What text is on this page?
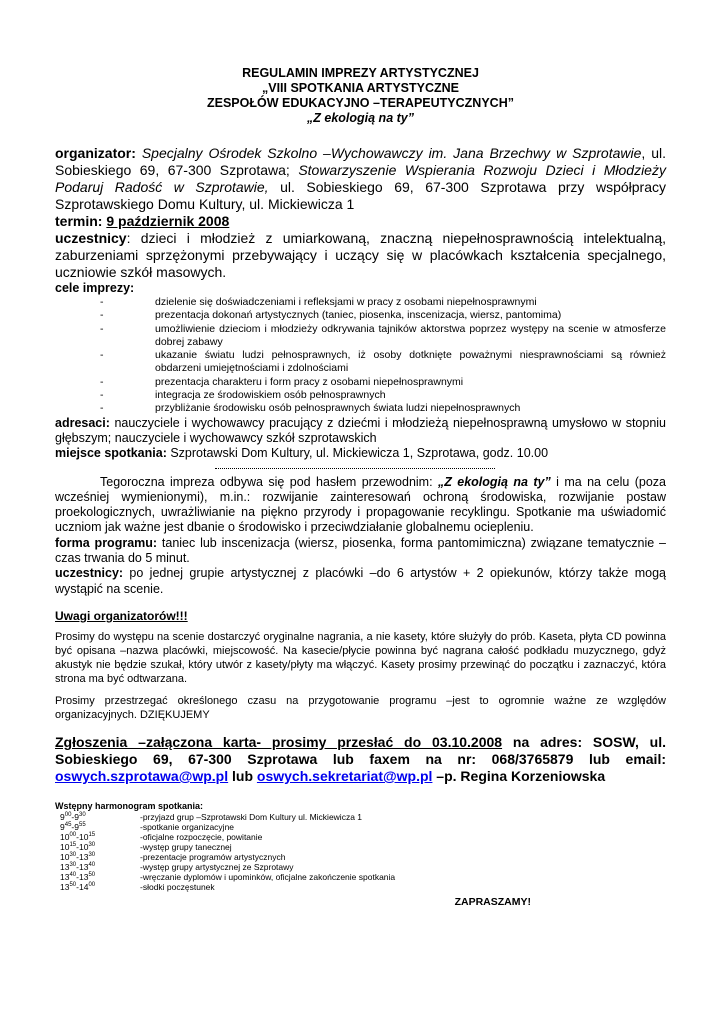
REGULAMIN IMPREZY ARTYSTYCZNEJ
„VIII SPOTKANIA ARTYSTYCZNE
ZESPOŁÓW EDUKACYJNO –TERAPEUTYCZNYCH”
„Z ekologią na ty”
organizator: Specjalny Ośrodek Szkolno –Wychowawczy im. Jana Brzechwy w Szprotawie, ul. Sobieskiego 69, 67-300 Szprotawa; Stowarzyszenie Wspierania Rozwoju Dzieci i Młodzieży Podaruj Radość w Szprotawie, ul. Sobieskiego 69, 67-300 Szprotawa przy współpracy Szprotawskiego Domu Kultury, ul. Mickiewicza 1
termin: 9 październik 2008
uczestnicy: dzieci i młodzież z umiarkowaną, znaczną niepełnosprawnością intelektualną, zaburzeniami sprzężonymi przebywający i uczący się w placówkach kształcenia specjalnego, uczniowie szkół masowych.
cele imprezy:
-	dzielenie się doświadczeniami i refleksjami w pracy z osobami niepełnosprawnymi
-	prezentacja dokonań artystycznych (taniec, piosenka, inscenizacja, wiersz, pantomima)
-	umożliwienie dzieciom i młodzieży odkrywania tajników aktorstwa poprzez występy na scenie w atmosferze dobrej zabawy
-	ukazanie światu ludzi pełnosprawnych, iż osoby dotknięte poważnymi niesprawnościami są również obdarzeni umiejętnościami i zdolnościami
-	prezentacja charakteru i form pracy z osobami niepełnosprawnymi
-	integracja ze środowiskiem osób pełnosprawnych
-	przybliżanie środowisku osób pełnosprawnych świata ludzi niepełnosprawnych
adresaci: nauczyciele i wychowawcy pracujący z dziećmi i młodzieżą niepełnosprawną umysłowo w stopniu głębszym; nauczyciele i wychowawcy szkół szprotawskich
miejsce spotkania: Szprotawski Dom Kultury, ul. Mickiewicza 1, Szprotawa, godz. 10.00
Tegoroczna impreza odbywa się pod hasłem przewodnim: „Z ekologią na ty” i ma na celu (poza wcześniej wymienionymi), m.in.: rozwijanie zainteresowań ochroną środowiska, rozwijanie postaw proekologicznych, uwrażliwianie na piękno przyrody i propagowanie recyklingu. Spotkanie ma uświadomić uczniom jak ważne jest dbanie o środowisko i przeciwdziałanie globalnemu ociepleniu.
forma programu: taniec lub inscenizacja (wiersz, piosenka, forma pantomimiczna) związane tematycznie –czas trwania do 5 minut.
uczestnicy: po jednej grupie artystycznej z placówki –do 6 artystów + 2 opiekunów, którzy także mogą wystąpić na scenie.
Uwagi organizatorów!!!
Prosimy do występu na scenie dostarczyć oryginalne nagrania, a nie kasety, które służyły do prób. Kaseta, płyta CD powinna być opisana –nazwa placówki, miejscowość. Na kasecie/płycie powinna być nagrana całość podkładu muzycznego, gdyż akustyk nie będzie szukał, który utwór z kasety/płyty ma włączyć. Kasety prosimy przewinąć do początku i zaznaczyć, która strona ma być odtwarzana.
Prosimy przestrzegać określonego czasu na przygotowanie programu –jest to ogromnie ważne ze względów organizacyjnych. DZIĘKUJEMY
Zgłoszenia –załączona karta- prosimy przesłać do 03.10.2008 na adres: SOSW, ul. Sobieskiego 69, 67-300 Szprotawa lub faxem na nr: 068/3765879 lub email: oswych.szprotawa@wp.pl lub oswych.sekretariat@wp.pl –p. Regina Korzeniowska
Wstępny harmonogram spotkania:
$9^{00}-9^{30}$	-przyjazd grup –Szprotawski Dom Kultury ul. Mickiewicza 1
$9^{45}-9^{55}$	-spotkanie organizacyjne
$10^{00}-10^{15}$	-oficjalne rozpoczęcie, powitanie
$10^{15}-10^{30}$	-występ grupy tanecznej
$10^{30}-13^{30}$	-prezentacje programów artystycznych
$13^{30}-13^{40}$	-występ grupy artystycznej ze Szprotawy
$13^{40}-13^{50}$	-wręczanie dyplomów i upominków, oficjalne zakończenie spotkania
$13^{50}-14^{00}$	-słodki poczęstunek
ZAPRASZAMY!
